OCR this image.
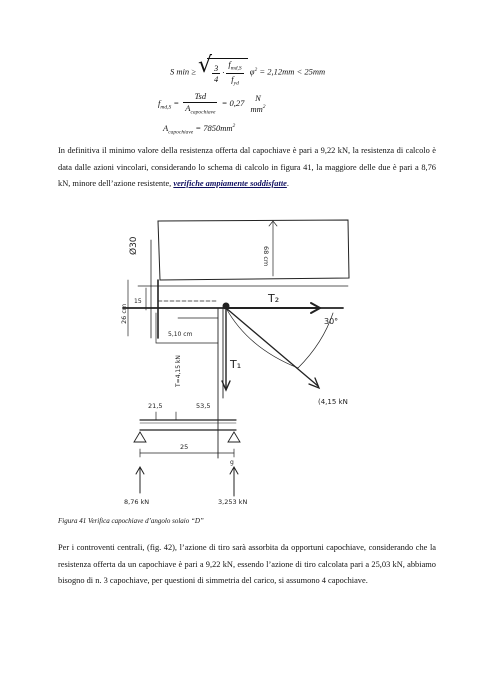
S min ≥ √ $\frac{3}{4} \cdot \frac{f_{md,S}}{f_{yd}} \varphi^2 = 2,12mm < 25mm$
$f_{md,S} = \frac{\text{Tsd}}{A_{capochiave}} = 0,27$	N
$mm^2$
$A_{capochiave} = 7850mm^2$
In definitiva il minimo valore della resistenza offerta dal capochiave è pari a 9,22 kN, la resistenza di calcolo è data dalle azioni vincolari, considerando lo schema di calcolo in figura 41, la maggiore delle due è pari a 8,76 kN, minore dell’azione resistente, verifiche ampiamente soddisfatte.
Ø30
68 cm
15
26 cm
5,10 cm
T₂
30°
T₁
(4,15 kN
T=4,15 kN
21,5	53,5
25
g
8,76 kN	3,253 kN
Figura 41 Verifica capochiave d’angolo solaio “D”
Per i controventi centrali, (fig. 42), l’azione di tiro sarà assorbita da opportuni capochiave, considerando che la resistenza offerta da un capochiave è pari a 9,22 kN, essendo l’azione di tiro calcolata pari a 25,03 kN, abbiamo bisogno di n. 3 capochiave, per questioni di simmetria del carico, si assumono 4 capochiave.
